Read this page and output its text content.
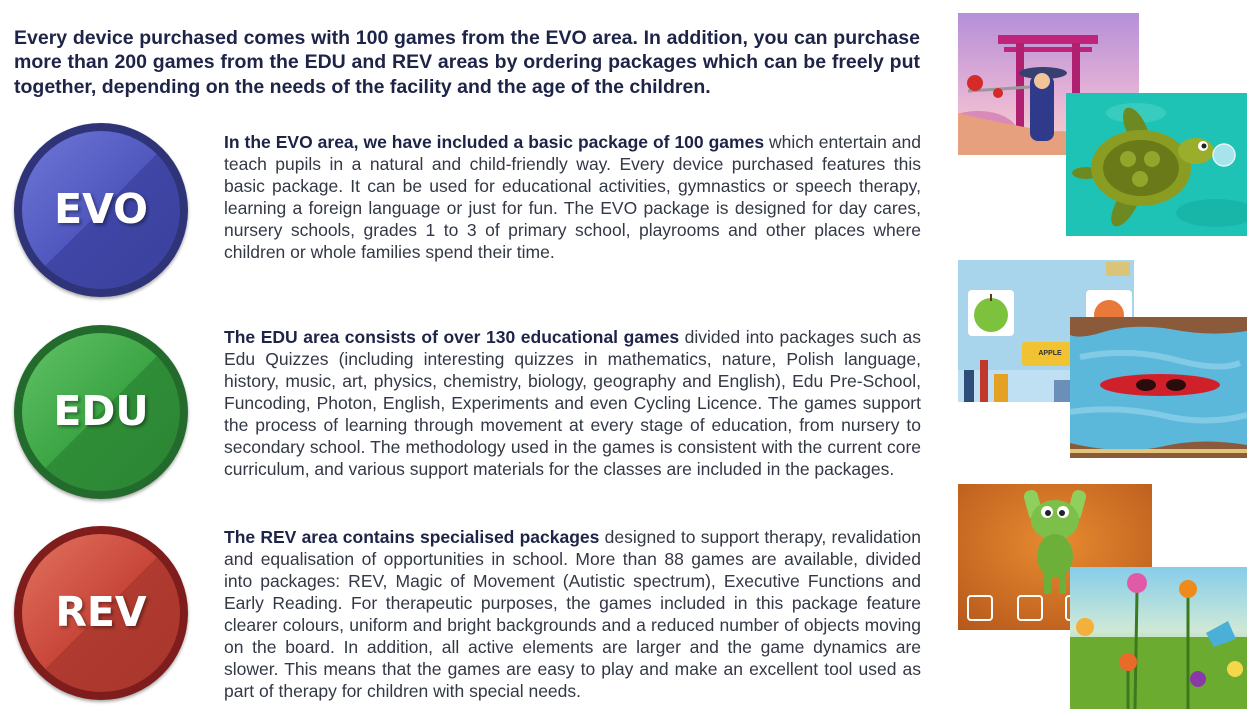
Every device purchased comes with 100 games from the EVO area. In addition, you can purchase more than 200 games from the EDU and REV areas by ordering packages which can be freely put together, depending on the needs of the facility and the age of the children.

EVO
In the EVO area, we have included a basic package of 100 games which entertain and teach pupils in a natural and child-friendly way. Every device purchased features this basic package. It can be used for educational activities, gymnastics or speech therapy, learning a foreign language or just for fun. The EVO package is designed for day cares, nursery schools, grades 1 to 3 of primary school, playrooms and other places where children or whole families spend their time.
EDU
The EDU area consists of over 130 educational games divided into packages such as Edu Quizzes (including interesting quizzes in mathematics, nature, Polish language, history, music, art, physics, chemistry, biology, geography and English), Edu Pre-School, Funcoding, Photon, English, Experiments and even Cycling Licence. The games support the process of learning through movement at every stage of education, from nursery to secondary school. The methodology used in the games is consistent with the current core curriculum, and various support materials for the classes are included in the packages.
REV
The REV area contains specialised packages designed to support therapy, revalidation and equalisation of opportunities in school. More than 88 games are available, divided into packages: REV, Magic of Movement (Autistic spectrum), Executive Functions and Early Reading. For therapeutic purposes, the games included in this package feature clearer colours, uniform and bright backgrounds and a reduced number of objects moving on the board. In addition, all active elements are larger and the game dynamics are slower. This means that the games are easy to play and make an excellent tool used as part of therapy for children with special needs.
APPLE
